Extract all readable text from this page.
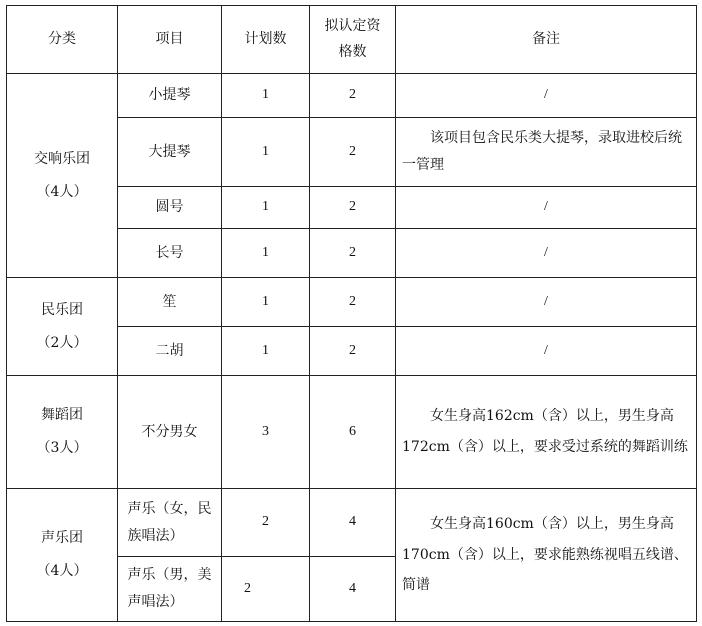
分类	项目	计划数	拟认定资格数	备注

交响乐团
（4人）	小提琴	1	2	/
	大提琴	1	2	该项目包含民乐类大提琴，录取进校后统一管理

	圆号	1	2	/
	长号	1	2	/

民乐团
（2人）	笙	1	2	/
	二胡	1	2	/

舞蹈团
（3人）	不分男女	3	6	女生身高162cm（含）以上，男生身高172cm（含）以上，要求受过系统的舞蹈训练

声乐团
（4人）	声乐（女，民族唱法）	2	4	女生身高160cm（含）以上，男生身高170cm（含）以上，要求能熟练视唱五线谱、简谱

	声乐（男，美声唱法）	2	4	
